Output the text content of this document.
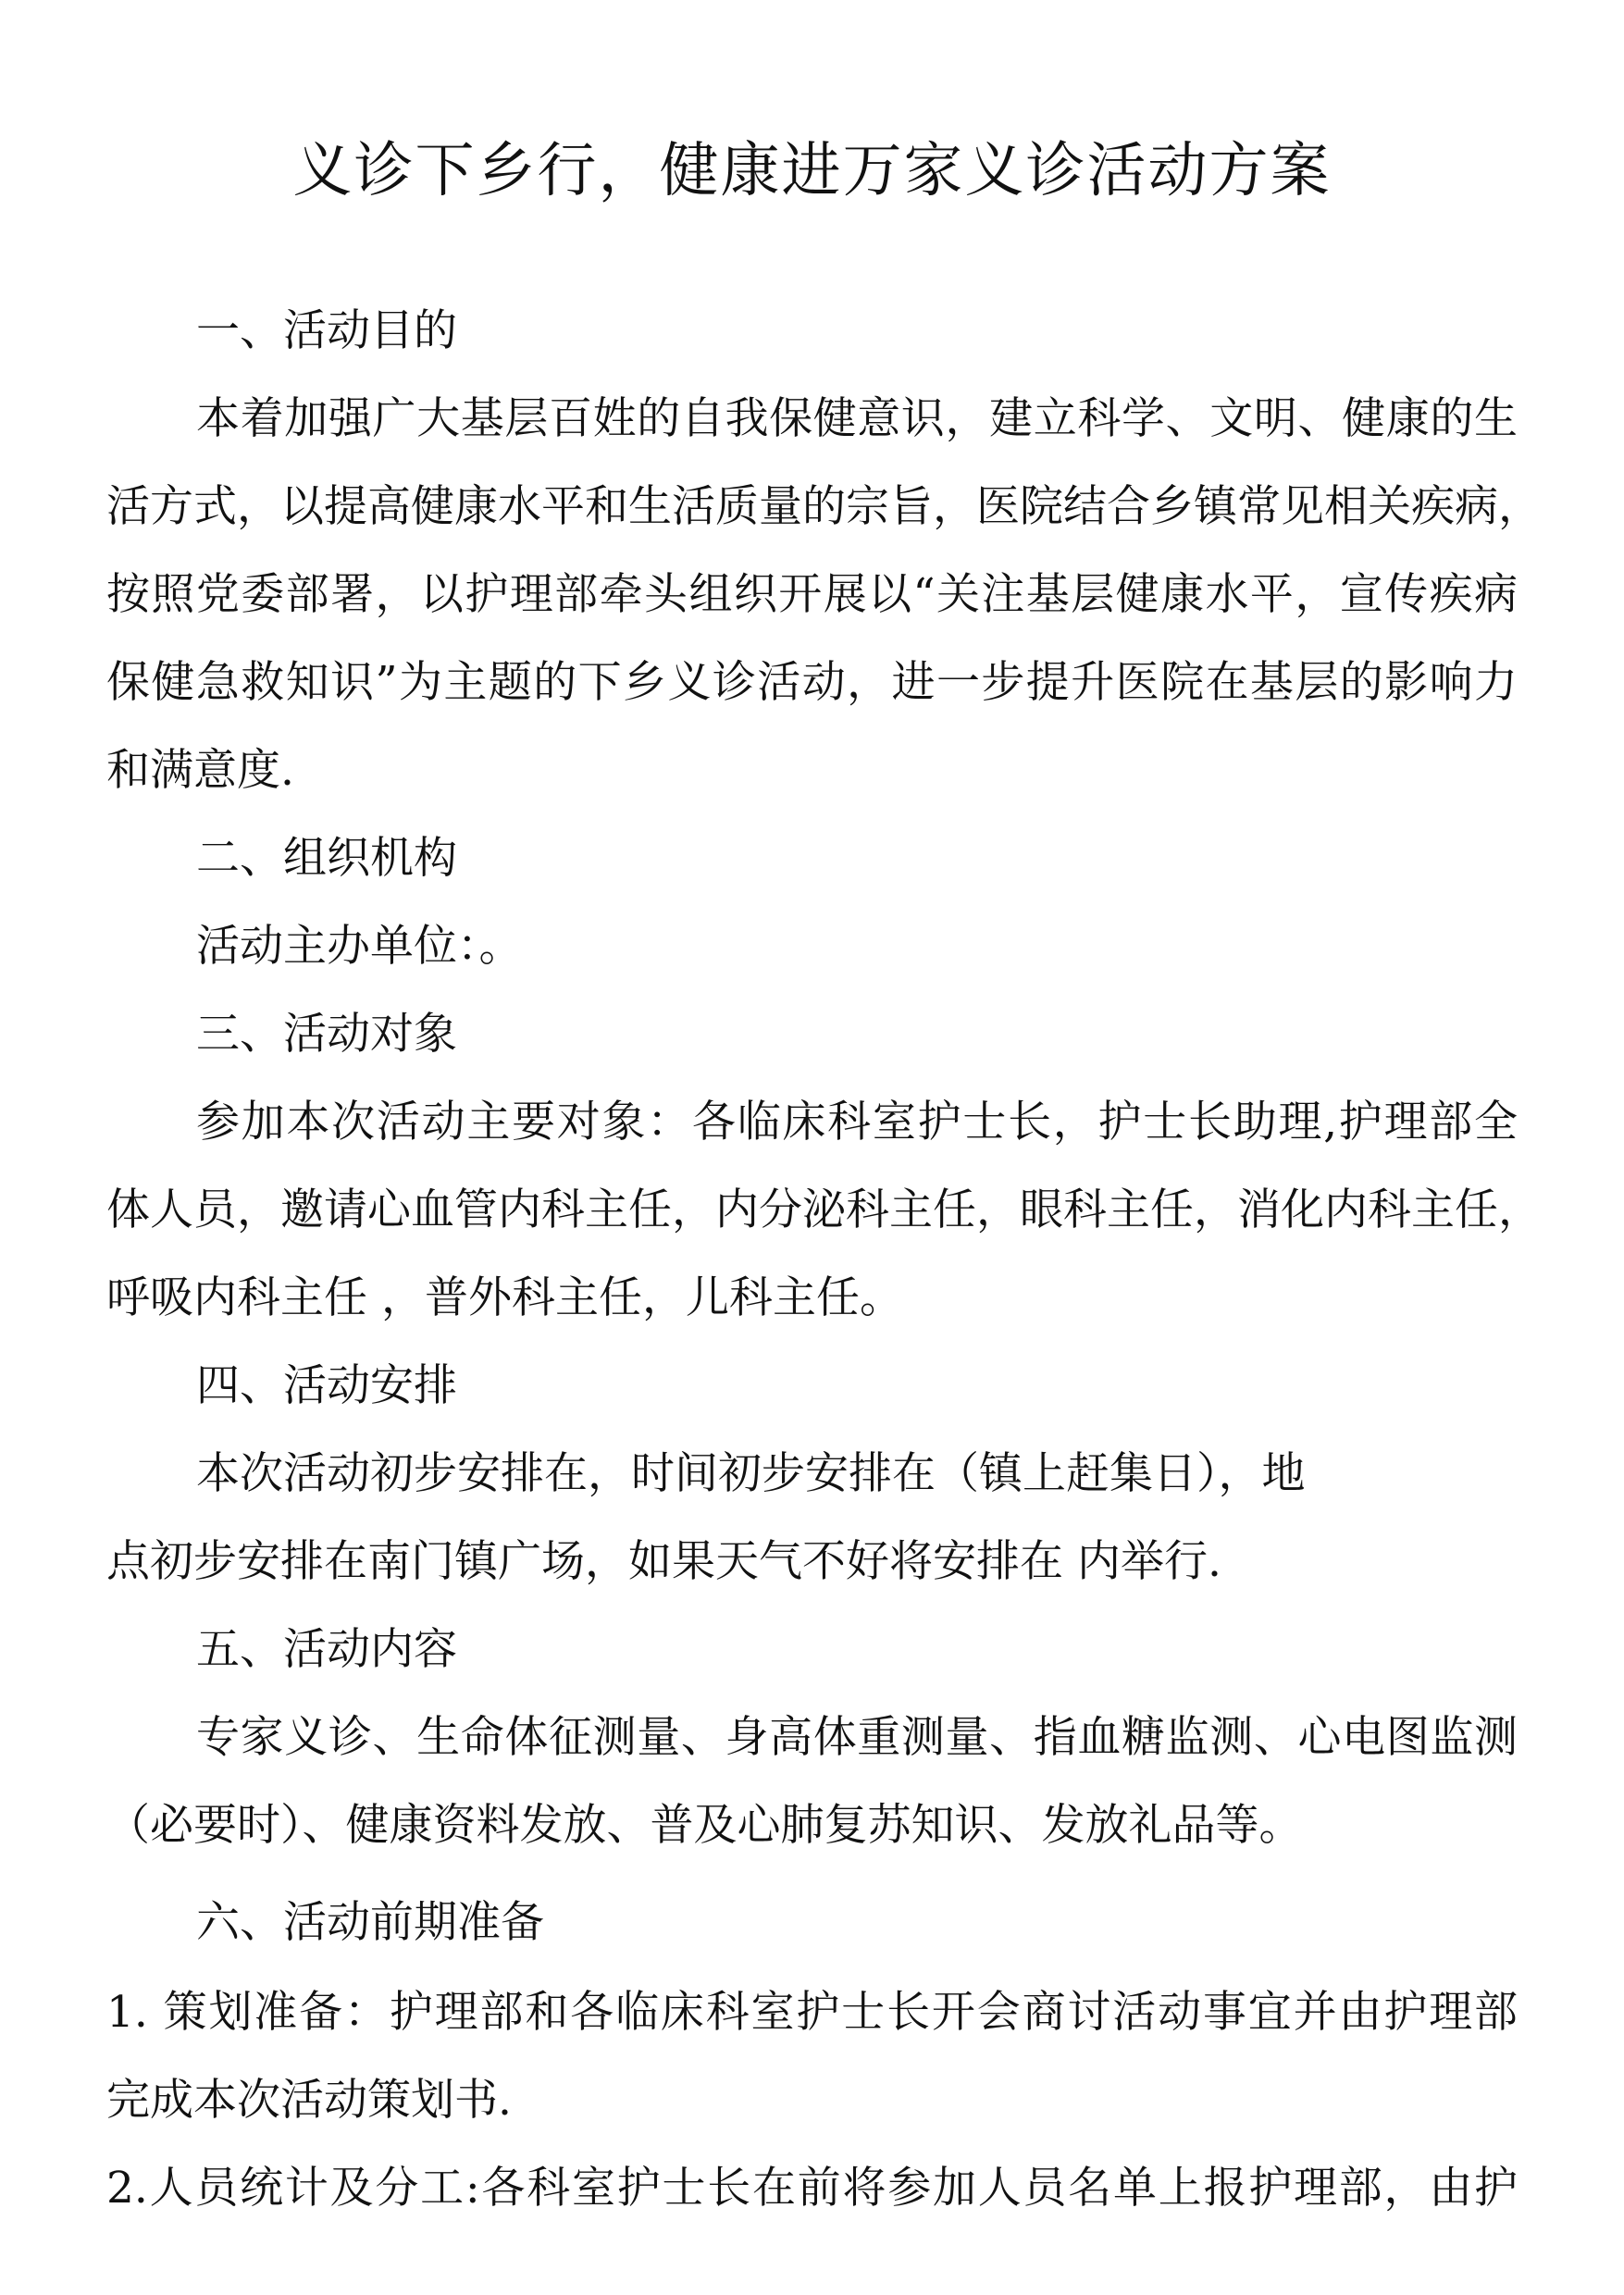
义诊下乡行，健康进万家义诊活动方案

一、活动目的

本着加强广大基层百姓的自我保健意识，建立科学、文明、健康的生

活方式，以提高健康水平和生活质量的宗旨，医院结合乡镇常见相关疾病，

按照党委部署，以护理部牵头组织开展以“关注基层健康水平，宣传疾病

保健急救知识”为主题的下乡义诊活动，进一步提升医院在基层的影响力

和满意度.

二、组织机构

活动主办单位：。

三、活动对象

参加本次活动主要对象：各临床科室护士长，护士长助理,护理部全

体人员，邀请心血管内科主任，内分泌科主任，眼科主任，消化内科主任，

呼吸内科主任 ，普外科主任，儿科主任。

四、活动安排

本次活动初步安排在，时间初步安排在（镇上赶集日），地

点初步安排在南门镇广场，如果天气不好将安排在 内举行.

五、活动内容

专家义诊、生命体征测量、身高体重测量、指血糖监测、心电图监测

（必要时）、健康资料发放、普及心肺复苏知识、发放礼品等。

六、活动前期准备

1. 策划准备：护理部和各临床科室护士长开会商讨活动事宜并由护理部

完成本次活动策划书.

2.人员统计及分工:各科室护士长在前将参加人员名单上报护理部，由护
